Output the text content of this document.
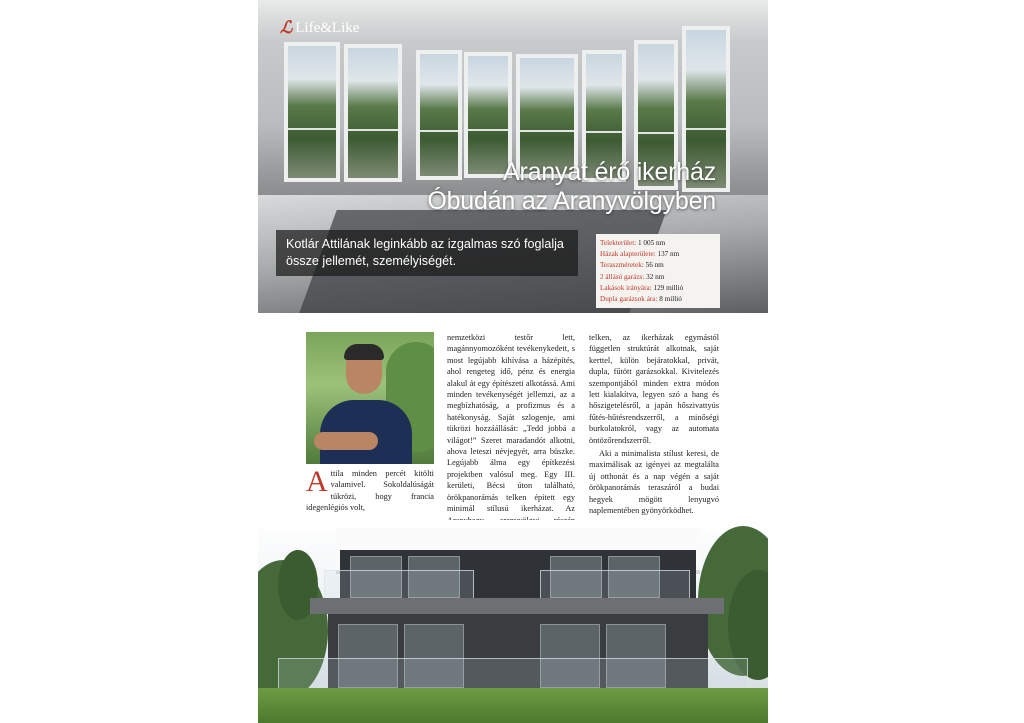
ℒ Life&Like
Aranyat érő ikerház
Óbudán az Aranyvölgyben
Kotlár Attilának leginkább az izgalmas szó foglalja össze jellemét, személyiségét.
Telekterület: 1 005 nm
Házak alapterülete: 137 nm
Teraszméretek: 56 nm
2 állású garázs: 32 nm
Lakások irányára: 129 millió
Dupla garázsok ára: 8 millió
Attila minden percét kitölti valamivel. Sokoldalúságát tükrözi, hogy francia idegenlégiós volt,

nemzetközi testőr lett, magánnyomozóként tevékenykedett, s most legújabb kihívása a házépítés, ahol rengeteg idő, pénz és energia alakul át egy építészeti alkotássá. Ami minden tevékenységét jellemzi, az a megbízhatóság, a profizmus és a hatékonyság. Saját szlogenje, ami tükrözi hozzáállását: „Tedd jobbá a világot!” Szeret maradandót alkotni, ahova leteszi névjegyét, arra büszke. Legújabb álma egy építkezési projektben valósul meg. Egy III. kerületi, Bécsi úton található, örökpanorámás telken épített egy minimál stílusú ikerházat. Az

telken, az ikerházak egymástól független struktúrát alkotnak, saját kerttel, külön bejáratokkal, privát, dupla, fűtött garázsokkal. Kivitelezés szempontjából minden extra módon lett kialakítva, legyen szó a hang és hőszigetelésről, a japán hőszivattyús fűtés-hűtésrendszerről, a minőségi burkolatokról, vagy az automata öntözőrendszerről.

Aki a minimalista stílust keresi, de maximálisak az igényei az megtalálta új otthonát és a nap végén a saját örökpanorámás teraszáról a budai hegyek mögött lenyugvó naplementében gyönyörködhet.
